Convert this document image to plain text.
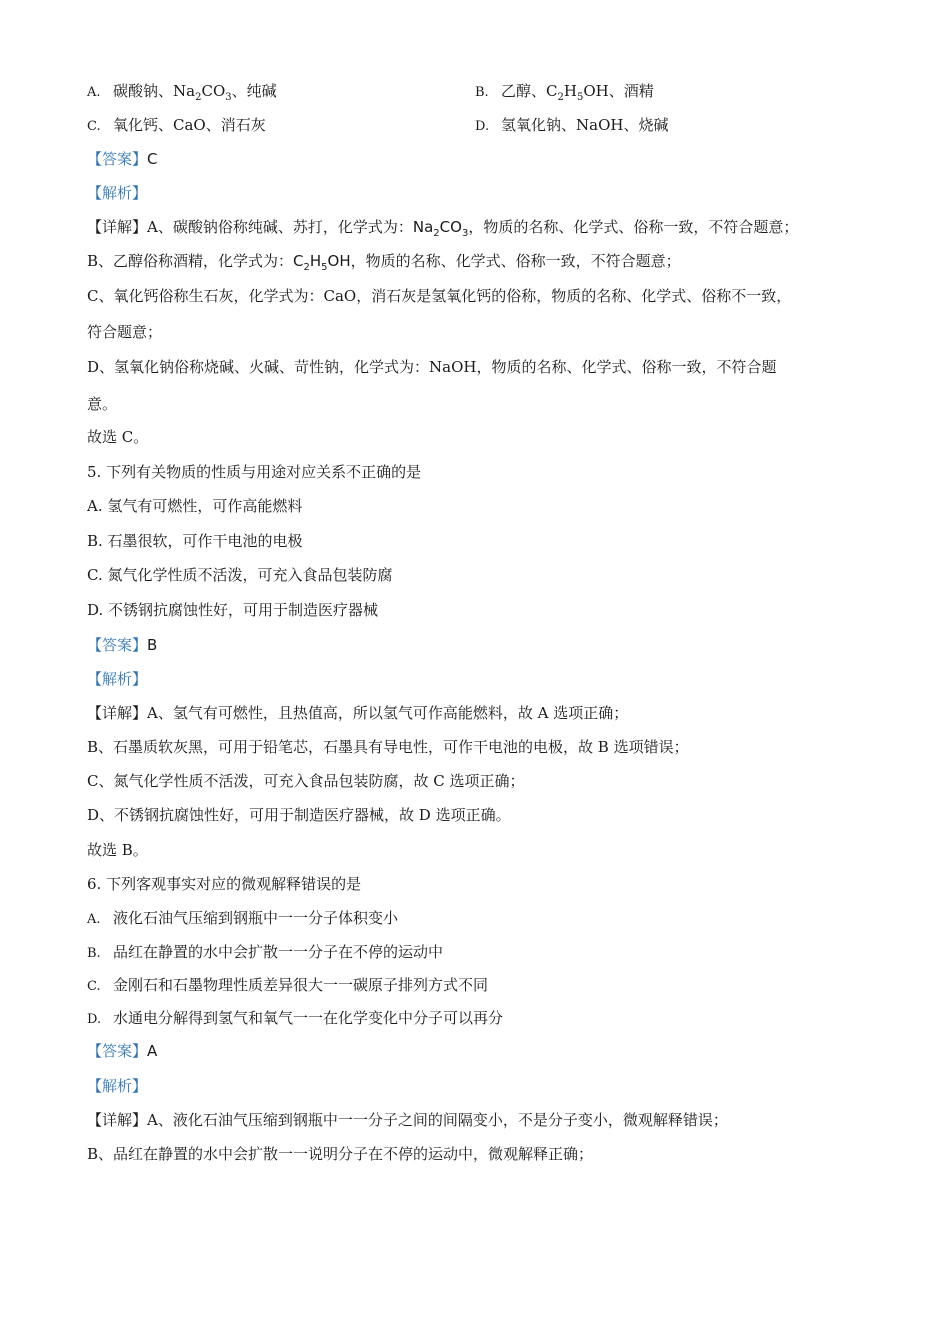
A. 碳酸钠、$Na_2CO_3$、纯碱	B. 乙醇、$C_2H_5OH$、酒精
C. 氧化钙、CaO、消石灰	D. 氢氧化钠、NaOH、烧碱
【答案】C
【解析】
【详解】A、碳酸钠俗称纯碱、苏打，化学式为：$Na_2CO_3$，物质的名称、化学式、俗称一致，不符合题意；
B、乙醇俗称酒精，化学式为：$C_2H_5OH$，物质的名称、化学式、俗称一致，不符合题意；
C、氧化钙俗称生石灰，化学式为：CaO，消石灰是氢氧化钙的俗称，物质的名称、化学式、俗称不一致，
符合题意；
D、氢氧化钠俗称烧碱、火碱、苛性钠，化学式为：NaOH，物质的名称、化学式、俗称一致，不符合题
意。
故选 C。
5. 下列有关物质的性质与用途对应关系不正确的是
A. 氢气有可燃性，可作高能燃料
B. 石墨很软，可作干电池的电极
C. 氮气化学性质不活泼，可充入食品包装防腐
D. 不锈钢抗腐蚀性好，可用于制造医疗器械
【答案】B
【解析】
【详解】A、氢气有可燃性，且热值高，所以氢气可作高能燃料，故 A 选项正确；
B、石墨质软灰黑，可用于铅笔芯，石墨具有导电性，可作干电池的电极，故 B 选项错误；
C、氮气化学性质不活泼，可充入食品包装防腐，故 C 选项正确；
D、不锈钢抗腐蚀性好，可用于制造医疗器械，故 D 选项正确。
故选 B。
6. 下列客观事实对应的微观解释错误的是
A. 液化石油气压缩到钢瓶中一一分子体积变小
B. 品红在静置的水中会扩散一一分子在不停的运动中
C. 金刚石和石墨物理性质差异很大一一碳原子排列方式不同
D. 水通电分解得到氢气和氧气一一在化学变化中分子可以再分
【答案】A
【解析】
【详解】A、液化石油气压缩到钢瓶中一一分子之间的间隔变小，不是分子变小，微观解释错误；
B、品红在静置的水中会扩散一一说明分子在不停的运动中，微观解释正确；
